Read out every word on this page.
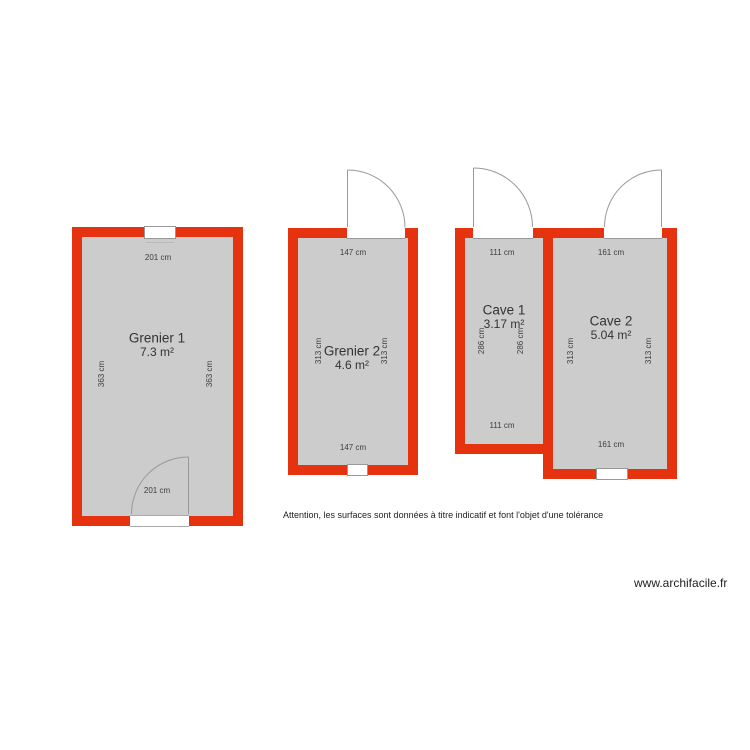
201 cm
Grenier 1
7.3 m²
363 cm	363 cm
201 cm
147 cm
Grenier 2
4.6 m²
313 cm	313 cm
147 cm
111 cm
Cave 1
3.17 m²
286 cm	286 cm
111 cm
161 cm
Cave 2
5.04 m²
313 cm	313 cm
161 cm
Attention, les surfaces sont données à titre indicatif et font l'objet d'une tolérance
www.archifacile.fr
